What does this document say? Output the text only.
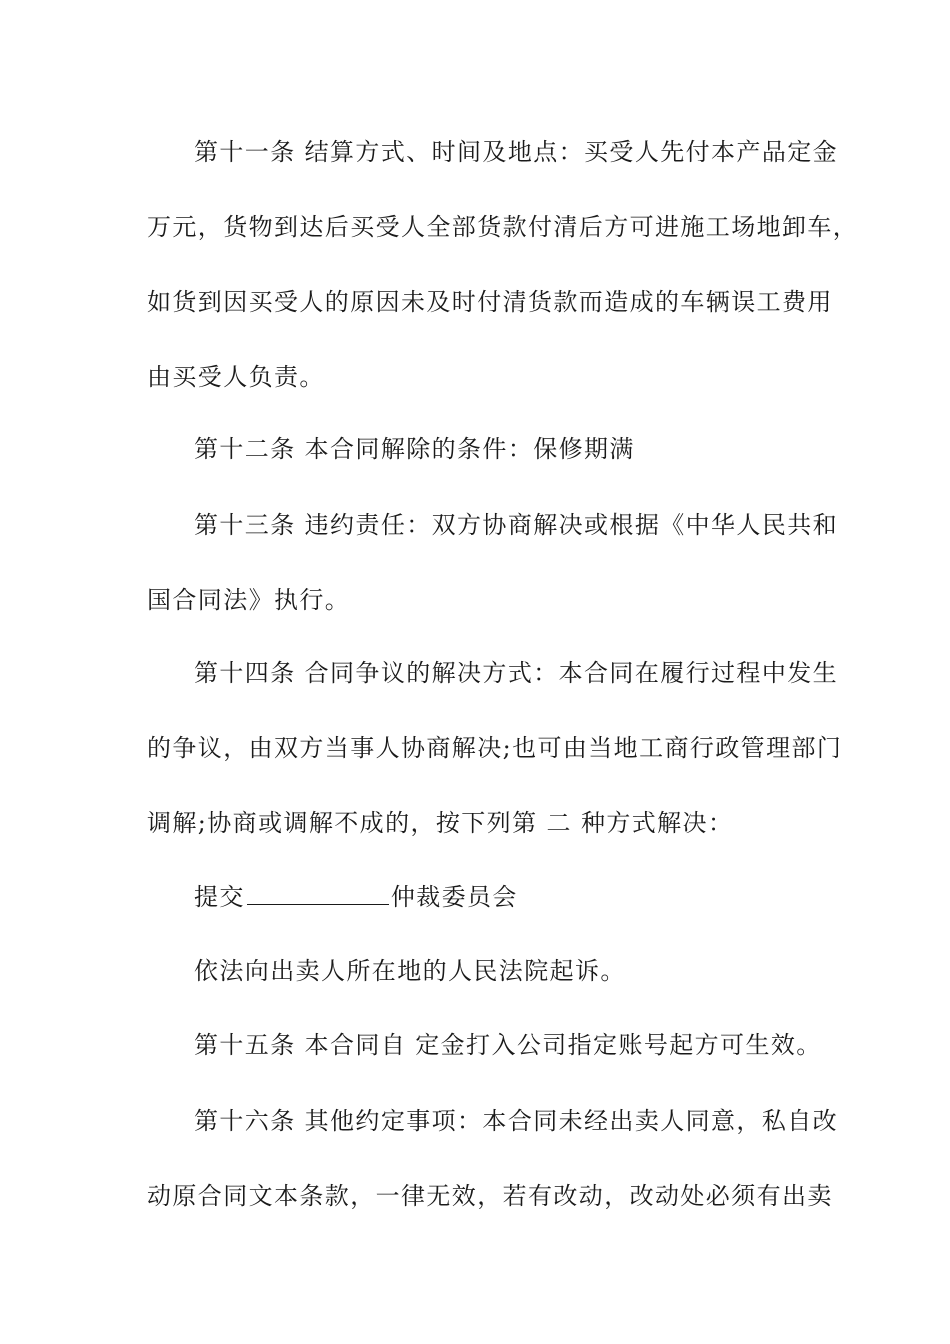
第十一条 结算方式、时间及地点：买受人先付本产品定金
万元，货物到达后买受人全部货款付清后方可进施工场地卸车，
如货到因买受人的原因未及时付清货款而造成的车辆误工费用
由买受人负责。
第十二条 本合同解除的条件：保修期满
第十三条 违约责任：双方协商解决或根据《中华人民共和
国合同法》执行。
第十四条 合同争议的解决方式：本合同在履行过程中发生
的争议，由双方当事人协商解决;也可由当地工商行政管理部门
调解;协商或调解不成的，按下列第 二 种方式解决：
提交	仲裁委员会
依法向出卖人所在地的人民法院起诉。
第十五条 本合同自 定金打入公司指定账号起方可生效。
第十六条 其他约定事项：本合同未经出卖人同意，私自改
动原合同文本条款，一律无效，若有改动，改动处必须有出卖
